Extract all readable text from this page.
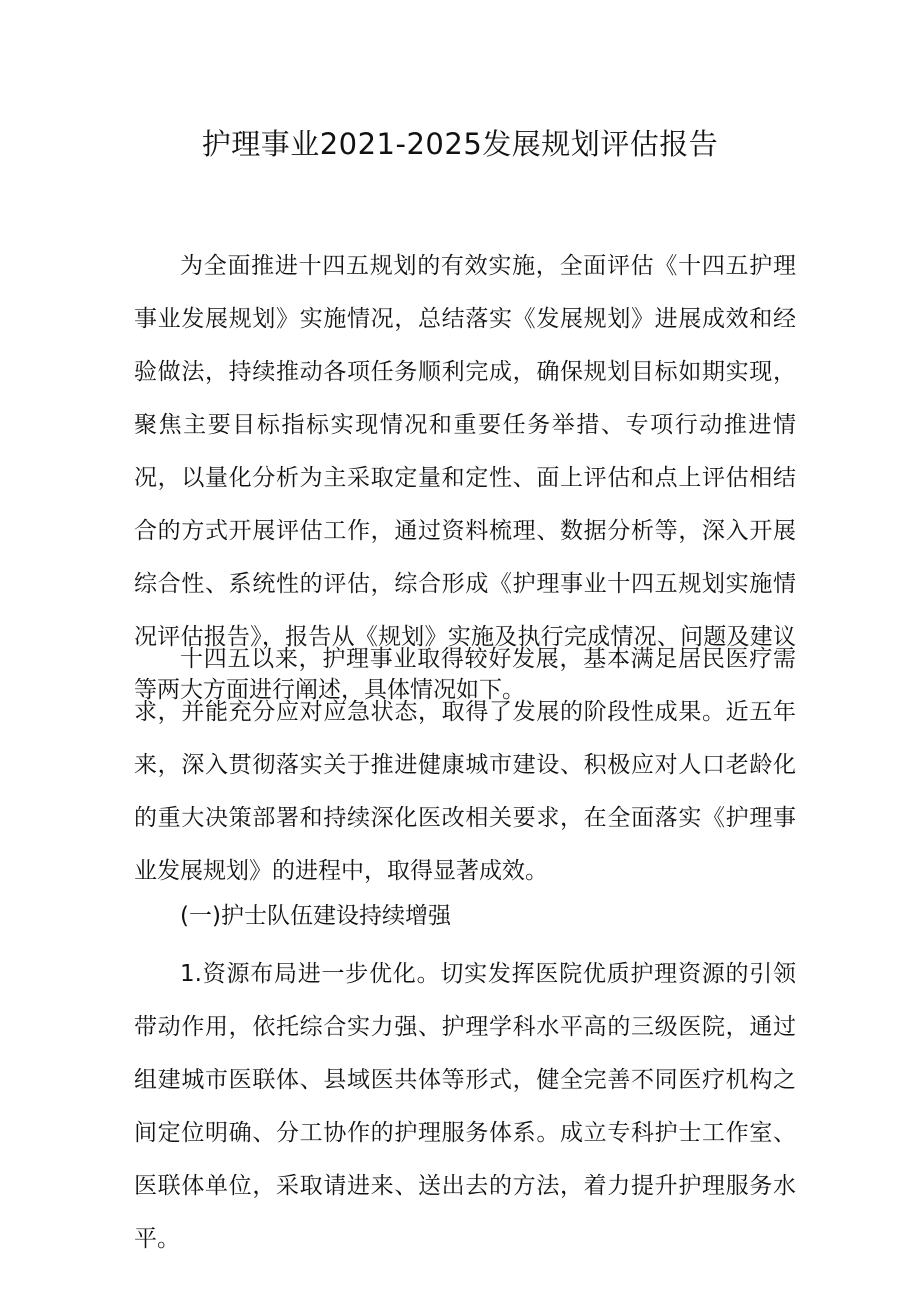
护理事业2021-2025发展规划评估报告

为全面推进十四五规划的有效实施，全面评估《十四五护理事业发展规划》实施情况，总结落实《发展规划》进展成效和经验做法，持续推动各项任务顺利完成，确保规划目标如期实现，聚焦主要目标指标实现情况和重要任务举措、专项行动推进情况，以量化分析为主采取定量和定性、面上评估和点上评估相结合的方式开展评估工作，通过资料梳理、数据分析等，深入开展综合性、系统性的评估，综合形成《护理事业十四五规划实施情况评估报告》，报告从《规划》实施及执行完成情况、问题及建议等两大方面进行阐述，具体情况如下。

十四五以来，护理事业取得较好发展，基本满足居民医疗需求，并能充分应对应急状态，取得了发展的阶段性成果。近五年来，深入贯彻落实关于推进健康城市建设、积极应对人口老龄化的重大决策部署和持续深化医改相关要求，在全面落实《护理事业发展规划》的进程中，取得显著成效。

(一)护士队伍建设持续增强

1.资源布局进一步优化。切实发挥医院优质护理资源的引领带动作用，依托综合实力强、护理学科水平高的三级医院，通过组建城市医联体、县域医共体等形式，健全完善不同医疗机构之间定位明确、分工协作的护理服务体系。成立专科护士工作室、医联体单位，采取请进来、送出去的方法，着力提升护理服务水平。
